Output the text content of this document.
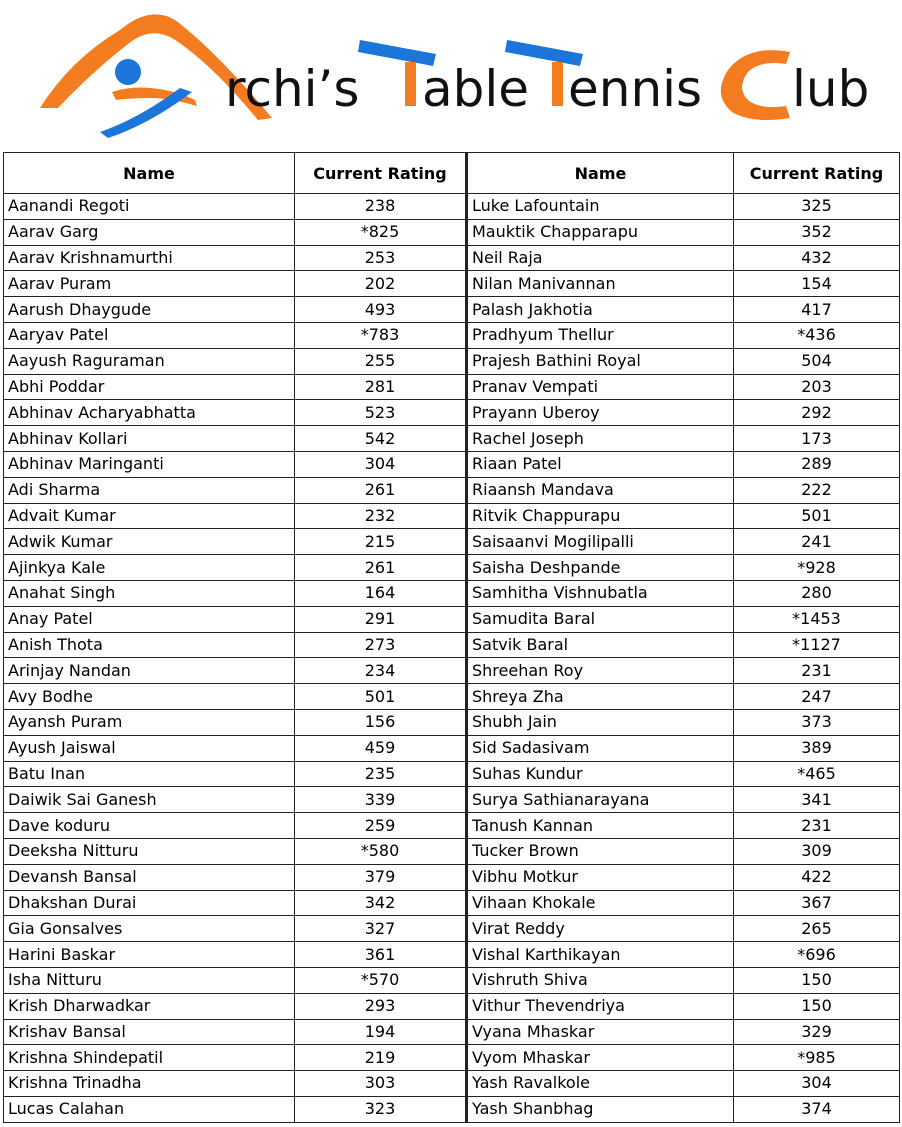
rchi’s able ennis lub
Name	Current Rating	Name	Current Rating
Aanandi Regoti	238	Luke Lafountain	325
Aarav Garg	*825	Mauktik Chapparapu	352
Aarav Krishnamurthi	253	Neil Raja	432
Aarav Puram	202	Nilan Manivannan	154
Aarush Dhaygude	493	Palash Jakhotia	417
Aaryav Patel	*783	Pradhyum Thellur	*436
Aayush Raguraman	255	Prajesh Bathini Royal	504
Abhi Poddar	281	Pranav Vempati	203
Abhinav Acharyabhatta	523	Prayann Uberoy	292
Abhinav Kollari	542	Rachel Joseph	173
Abhinav Maringanti	304	Riaan Patel	289
Adi Sharma	261	Riaansh Mandava	222
Advait Kumar	232	Ritvik Chappurapu	501
Adwik Kumar	215	Saisaanvi Mogilipalli	241
Ajinkya Kale	261	Saisha Deshpande	*928
Anahat Singh	164	Samhitha Vishnubatla	280
Anay Patel	291	Samudita Baral	*1453
Anish Thota	273	Satvik Baral	*1127
Arinjay Nandan	234	Shreehan Roy	231
Avy Bodhe	501	Shreya Zha	247
Ayansh Puram	156	Shubh Jain	373
Ayush Jaiswal	459	Sid Sadasivam	389
Batu Inan	235	Suhas Kundur	*465
Daiwik Sai Ganesh	339	Surya Sathianarayana	341
Dave koduru	259	Tanush Kannan	231
Deeksha Nitturu	*580	Tucker Brown	309
Devansh Bansal	379	Vibhu Motkur	422
Dhakshan Durai	342	Vihaan Khokale	367
Gia Gonsalves	327	Virat Reddy	265
Harini Baskar	361	Vishal Karthikayan	*696
Isha Nitturu	*570	Vishruth Shiva	150
Krish Dharwadkar	293	Vithur Thevendriya	150
Krishav Bansal	194	Vyana Mhaskar	329
Krishna Shindepatil	219	Vyom Mhaskar	*985
Krishna Trinadha	303	Yash Ravalkole	304
Lucas Calahan	323	Yash Shanbhag	374
